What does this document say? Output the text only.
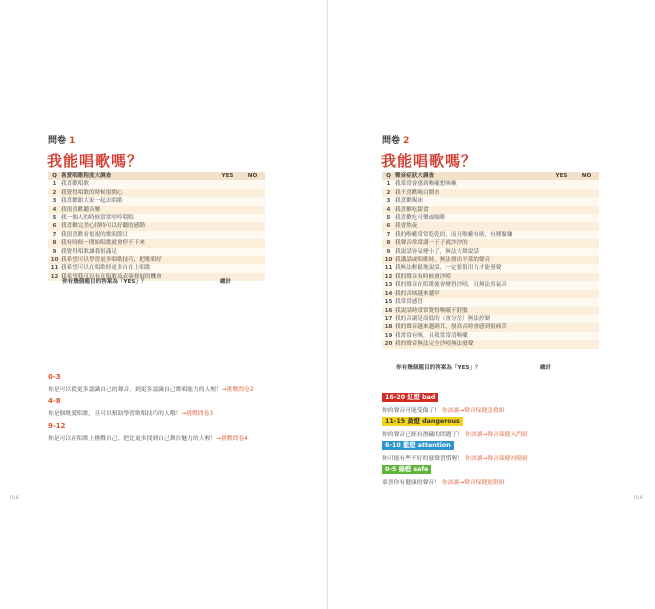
問卷 1
我能唱歌嗎？
Q	喜愛唱歌程度大調查	YES	NO
1	我喜歡唱歌		
2	我覺得唱歌的時候很開心		
3	我喜歡跟大家一起去唱歌		
4	我很喜歡聽音樂		
5	我一個人的時候常常哼哼唱唱		
6	我喜歡完美心情時可以好聽的感動		
7	我很喜歡看電視的歌唱節目		
8	我有時候一開始唱歌就會停不下來		
9	我覺得唱歌讓我很滿足		
10	我希望可以學習更多唱歌技巧，把歌唱好		
11	我希望可以在唱歌時更多自在上唱歌		
12	我希望我可以有在唱歌及表演發展的機會		
你有幾個題目的答案為「YES」？	總計
0-3
你是可以從更多認識自己的聲音，到更多認識自己歌唱能力的人喔！→挑戰問卷2
4-8
你是個既愛唱歌，且可以幫助學習歌唱技巧的人哦！→挑戰問卷3
9-12
你是可以在唱歌上挑戰自己，把比更多找到自己舞台魅力的人喔！→挑戰問卷4
018
問卷 2
我能唱歌嗎？
Q	聲音症狀大調查	YES	NO
1	我常常會感到喉嚨想咳嗽		
2	我不喜歡喝白開水		
3	我喜歡喝冰		
4	我喜歡吃甜食		
5	我喜歡吃可樂或咖啡		
6	我會熬夜		
7	我的喉嚨常常乾乾的，而且喉嚨有痰，有種緊繃		
8	我聲音常常講一下子就沙沙的		
9	我說話容易變小了，無法大聲說話		
10	我講話或唱歌時，無法發出平常的聲音		
11	我無法輕鬆地說話，一定要很用力才能發聲		
12	我的聲音有時候會沙啞		
13	我的聲音在唱歌後會變得沙啞，且無法用氣音		
14	我的音域越來越窄		
15	我常常感冒		
16	我說話時常常覺得喉嚨不舒服		
17	我的音調是高低的（會分岔）無法控制		
18	我的聲音越來越刺耳，發高音時會感到很痛苦		
19	我常常有咳，且我常常清喉嚨		
20	我的聲音無法完全沙啞無法發聲		
你有幾個題目的答案為「YES」？	總計
16-20 紅燈 bad
你的聲音可能受傷了！ 你該讀→聲音保健急救組
11-15 黃燈 dangerous
你的聲音已經有潛藏的問題了！ 你該讀→聲音保健入門組
6-10 藍燈 attention
你可能有些不好的發聲習慣喔！ 你該讀→聲音保健初階組
0-5 綠燈 safe
恭喜你有健康的聲音！ 你該讀→聲音保健進階組
019
